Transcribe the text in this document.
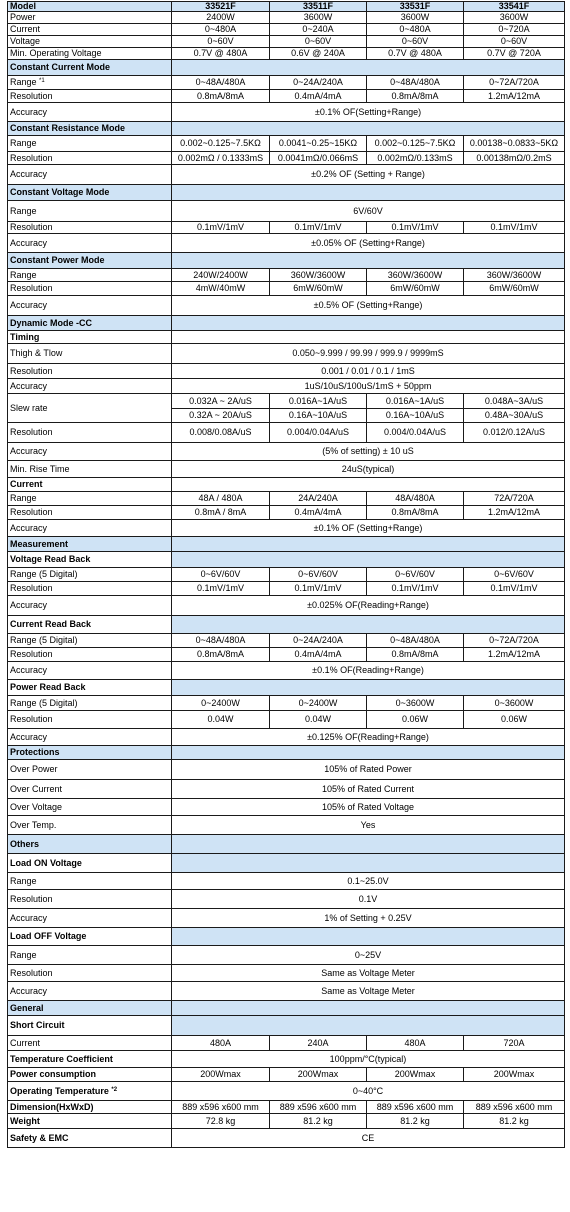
Model	33521F	33511F	33531F	33541F
Power	2400W	3600W	3600W	3600W
Current	0~480A	0~240A	0~480A	0~720A
Voltage	0~60V	0~60V	0~60V	0~60V
Min. Operating Voltage	0.7V @ 480A	0.6V @ 240A	0.7V @ 480A	0.7V @ 720A
Constant Current Mode				
Range $^{*1}$	0~48A/480A	0~24A/240A	0~48A/480A	0~72A/720A
Resolution	0.8mA/8mA	0.4mA/4mA	0.8mA/8mA	1.2mA/12mA
Accuracy	±0.1% OF(Setting+Range)			
Constant Resistance Mode				
Range	0.002~0.125~7.5KΩ	0.0041~0.25~15KΩ	0.002~0.125~7.5KΩ	0.00138~0.0833~5KΩ
Resolution	0.002mΩ / 0.1333mS	0.0041mΩ/0.066mS	0.002mΩ/0.133mS	0.00138mΩ/0.2mS
Accuracy	±0.2% OF (Setting + Range)			
Constant Voltage Mode				
Range	6V/60V			
Resolution	0.1mV/1mV	0.1mV/1mV	0.1mV/1mV	0.1mV/1mV
Accuracy	±0.05% OF (Setting+Range)			
Constant Power Mode				
Range	240W/2400W	360W/3600W	360W/3600W	360W/3600W
Resolution	4mW/40mW	6mW/60mW	6mW/60mW	6mW/60mW
Accuracy	±0.5% OF (Setting+Range)			
Dynamic Mode -CC				
Timing				
Thigh & Tlow	0.050~9.999 / 99.99 / 999.9 / 9999mS			
Resolution	0.001 / 0.01 / 0.1 / 1mS			
Accuracy	1uS/10uS/100uS/1mS + 50ppm			
Slew rate	0.032A ~ 2A/uS	0.016A~1A/uS	0.016A~1A/uS	0.048A~3A/uS
	0.32A ~ 20A/uS	0.16A~10A/uS	0.16A~10A/uS	0.48A~30A/uS
Resolution	0.008/0.08A/uS	0.004/0.04A/uS	0.004/0.04A/uS	0.012/0.12A/uS
Accuracy	(5% of setting) ± 10 uS			
Min. Rise Time	24uS(typical)			
Current				
Range	48A / 480A	24A/240A	48A/480A	72A/720A
Resolution	0.8mA / 8mA	0.4mA/4mA	0.8mA/8mA	1.2mA/12mA
Accuracy	±0.1% OF (Setting+Range)			
Measurement				
Voltage Read Back				
Range (5 Digital)	0~6V/60V	0~6V/60V	0~6V/60V	0~6V/60V
Resolution	0.1mV/1mV	0.1mV/1mV	0.1mV/1mV	0.1mV/1mV
Accuracy	±0.025% OF(Reading+Range)			
Current Read Back				
Range (5 Digital)	0~48A/480A	0~24A/240A	0~48A/480A	0~72A/720A
Resolution	0.8mA/8mA	0.4mA/4mA	0.8mA/8mA	1.2mA/12mA
Accuracy	±0.1% OF(Reading+Range)			
Power Read Back				
Range (5 Digital)	0~2400W	0~2400W	0~3600W	0~3600W
Resolution	0.04W	0.04W	0.06W	0.06W
Accuracy	±0.125% OF(Reading+Range)			
Protections				
Over Power	105% of Rated Power			
Over Current	105% of Rated Current			
Over Voltage	105% of Rated Voltage			
Over Temp.	Yes			
Others				
Load ON Voltage				
Range	0.1~25.0V			
Resolution	0.1V			
Accuracy	1% of Setting + 0.25V			
Load OFF Voltage				
Range	0~25V			
Resolution	Same as Voltage Meter			
Accuracy	Same as Voltage Meter			
General				
Short Circuit				
Current	480A	240A	480A	720A
Temperature Coefficient	100ppm/°C(typical)			
Power consumption	200Wmax	200Wmax	200Wmax	200Wmax
Operating Temperature $^{*2}$	0~40°C			
Dimension(HxWxD)	889 x596 x600 mm	889 x596 x600 mm	889 x596 x600 mm	889 x596 x600 mm
Weight	72.8 kg	81.2 kg	81.2 kg	81.2 kg
Safety & EMC	CE			
